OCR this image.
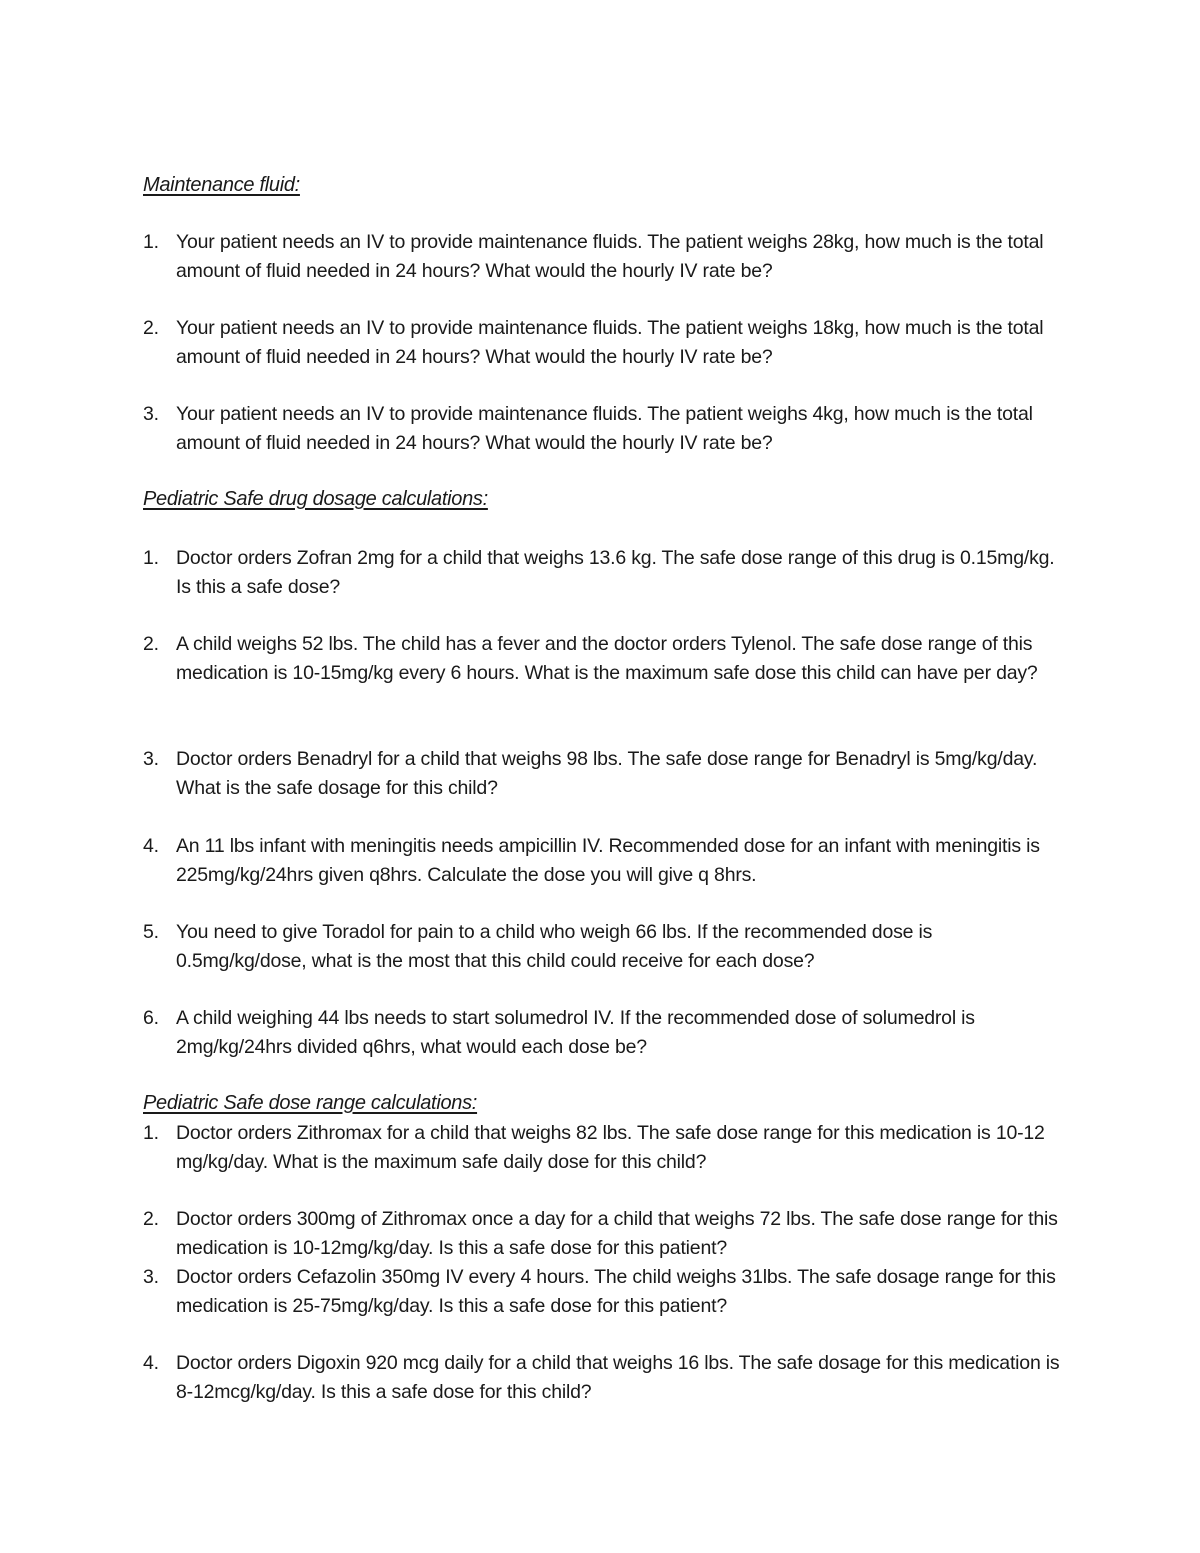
Maintenance fluid:
1. Your patient needs an IV to provide maintenance fluids. The patient weighs 28kg, how much is the total amount of fluid needed in 24 hours? What would the hourly IV rate be?
2. Your patient needs an IV to provide maintenance fluids. The patient weighs 18kg, how much is the total amount of fluid needed in 24 hours? What would the hourly IV rate be?
3. Your patient needs an IV to provide maintenance fluids. The patient weighs 4kg, how much is the total amount of fluid needed in 24 hours? What would the hourly IV rate be?
Pediatric Safe drug dosage calculations:
1. Doctor orders Zofran 2mg for a child that weighs 13.6 kg. The safe dose range of this drug is 0.15mg/kg. Is this a safe dose?
2. A child weighs 52 lbs. The child has a fever and the doctor orders Tylenol. The safe dose range of this medication is 10-15mg/kg every 6 hours. What is the maximum safe dose this child can have per day?
3. Doctor orders Benadryl for a child that weighs 98 lbs. The safe dose range for Benadryl is 5mg/kg/day. What is the safe dosage for this child?
4. An 11 lbs infant with meningitis needs ampicillin IV. Recommended dose for an infant with meningitis is 225mg/kg/24hrs given q8hrs. Calculate the dose you will give q 8hrs.
5. You need to give Toradol for pain to a child who weigh 66 lbs. If the recommended dose is 0.5mg/kg/dose, what is the most that this child could receive for each dose?
6. A child weighing 44 lbs needs to start solumedrol IV. If the recommended dose of solumedrol is 2mg/kg/24hrs divided q6hrs, what would each dose be?
Pediatric Safe dose range calculations:
1. Doctor orders Zithromax for a child that weighs 82 lbs. The safe dose range for this medication is 10-12 mg/kg/day. What is the maximum safe daily dose for this child?
2. Doctor orders 300mg of Zithromax once a day for a child that weighs 72 lbs. The safe dose range for this medication is 10-12mg/kg/day. Is this a safe dose for this patient?
3. Doctor orders Cefazolin 350mg IV every 4 hours. The child weighs 31lbs. The safe dosage range for this medication is 25-75mg/kg/day. Is this a safe dose for this patient?
4. Doctor orders Digoxin 920 mcg daily for a child that weighs 16 lbs. The safe dosage for this medication is 8-12mcg/kg/day. Is this a safe dose for this child?
